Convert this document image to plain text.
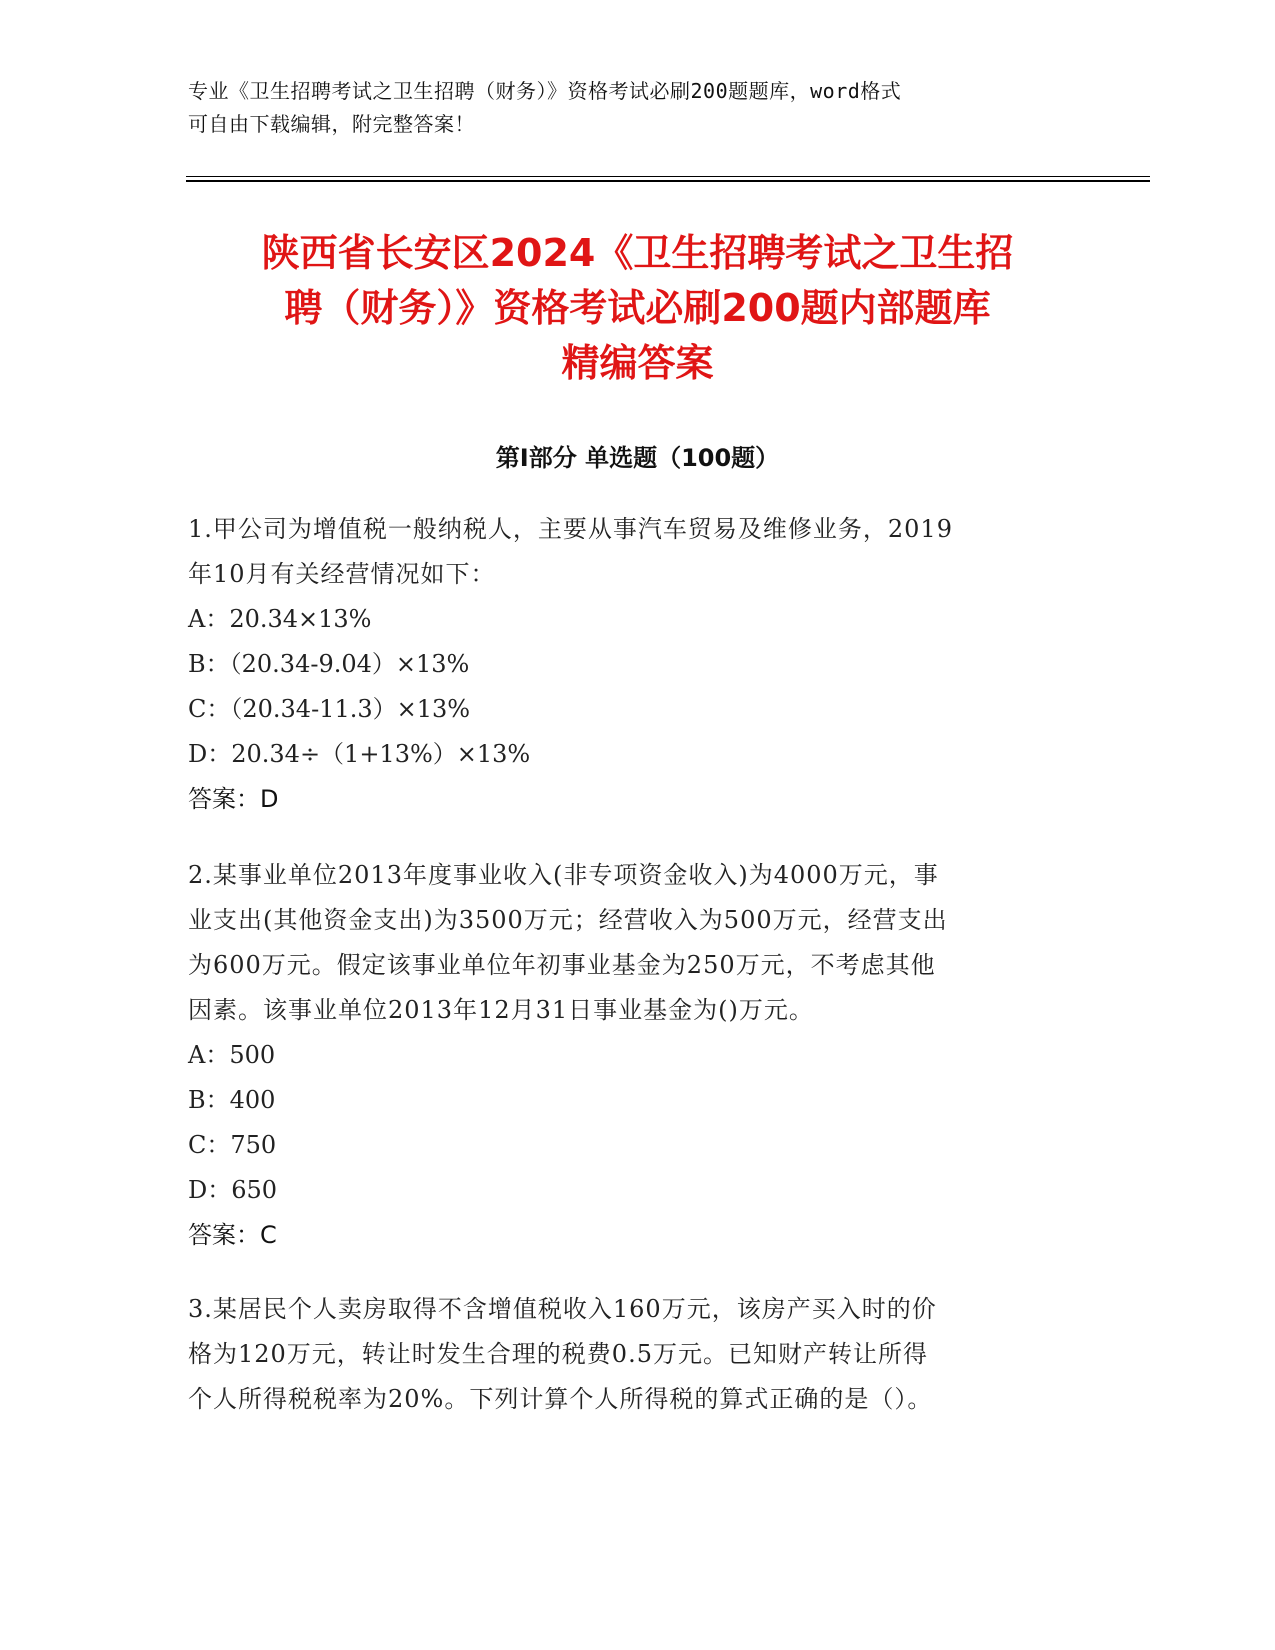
专业《卫生招聘考试之卫生招聘（财务）》资格考试必刷200题题库，word格式
可自由下载编辑，附完整答案！
陕西省长安区2024《卫生招聘考试之卫生招
聘（财务）》资格考试必刷200题内部题库
精编答案
第Ⅰ部分 单选题（100题）

1.甲公司为增值税一般纳税人，主要从事汽车贸易及维修业务，2019

年10月有关经营情况如下：

A：20.34×13%

B：（20.34-9.04）×13%

C：（20.34-11.3）×13%

D：20.34÷（1+13%）×13%

答案：D

2.某事业单位2013年度事业收入(非专项资金收入)为4000万元，事

业支出(其他资金支出)为3500万元；经营收入为500万元，经营支出

为600万元。假定该事业单位年初事业基金为250万元，不考虑其他

因素。该事业单位2013年12月31日事业基金为()万元。

A：500

B：400

C：750

D：650

答案：C

3.某居民个人卖房取得不含增值税收入160万元，该房产买入时的价

格为120万元，转让时发生合理的税费0.5万元。已知财产转让所得

个人所得税税率为20%。下列计算个人所得税的算式正确的是（）。
